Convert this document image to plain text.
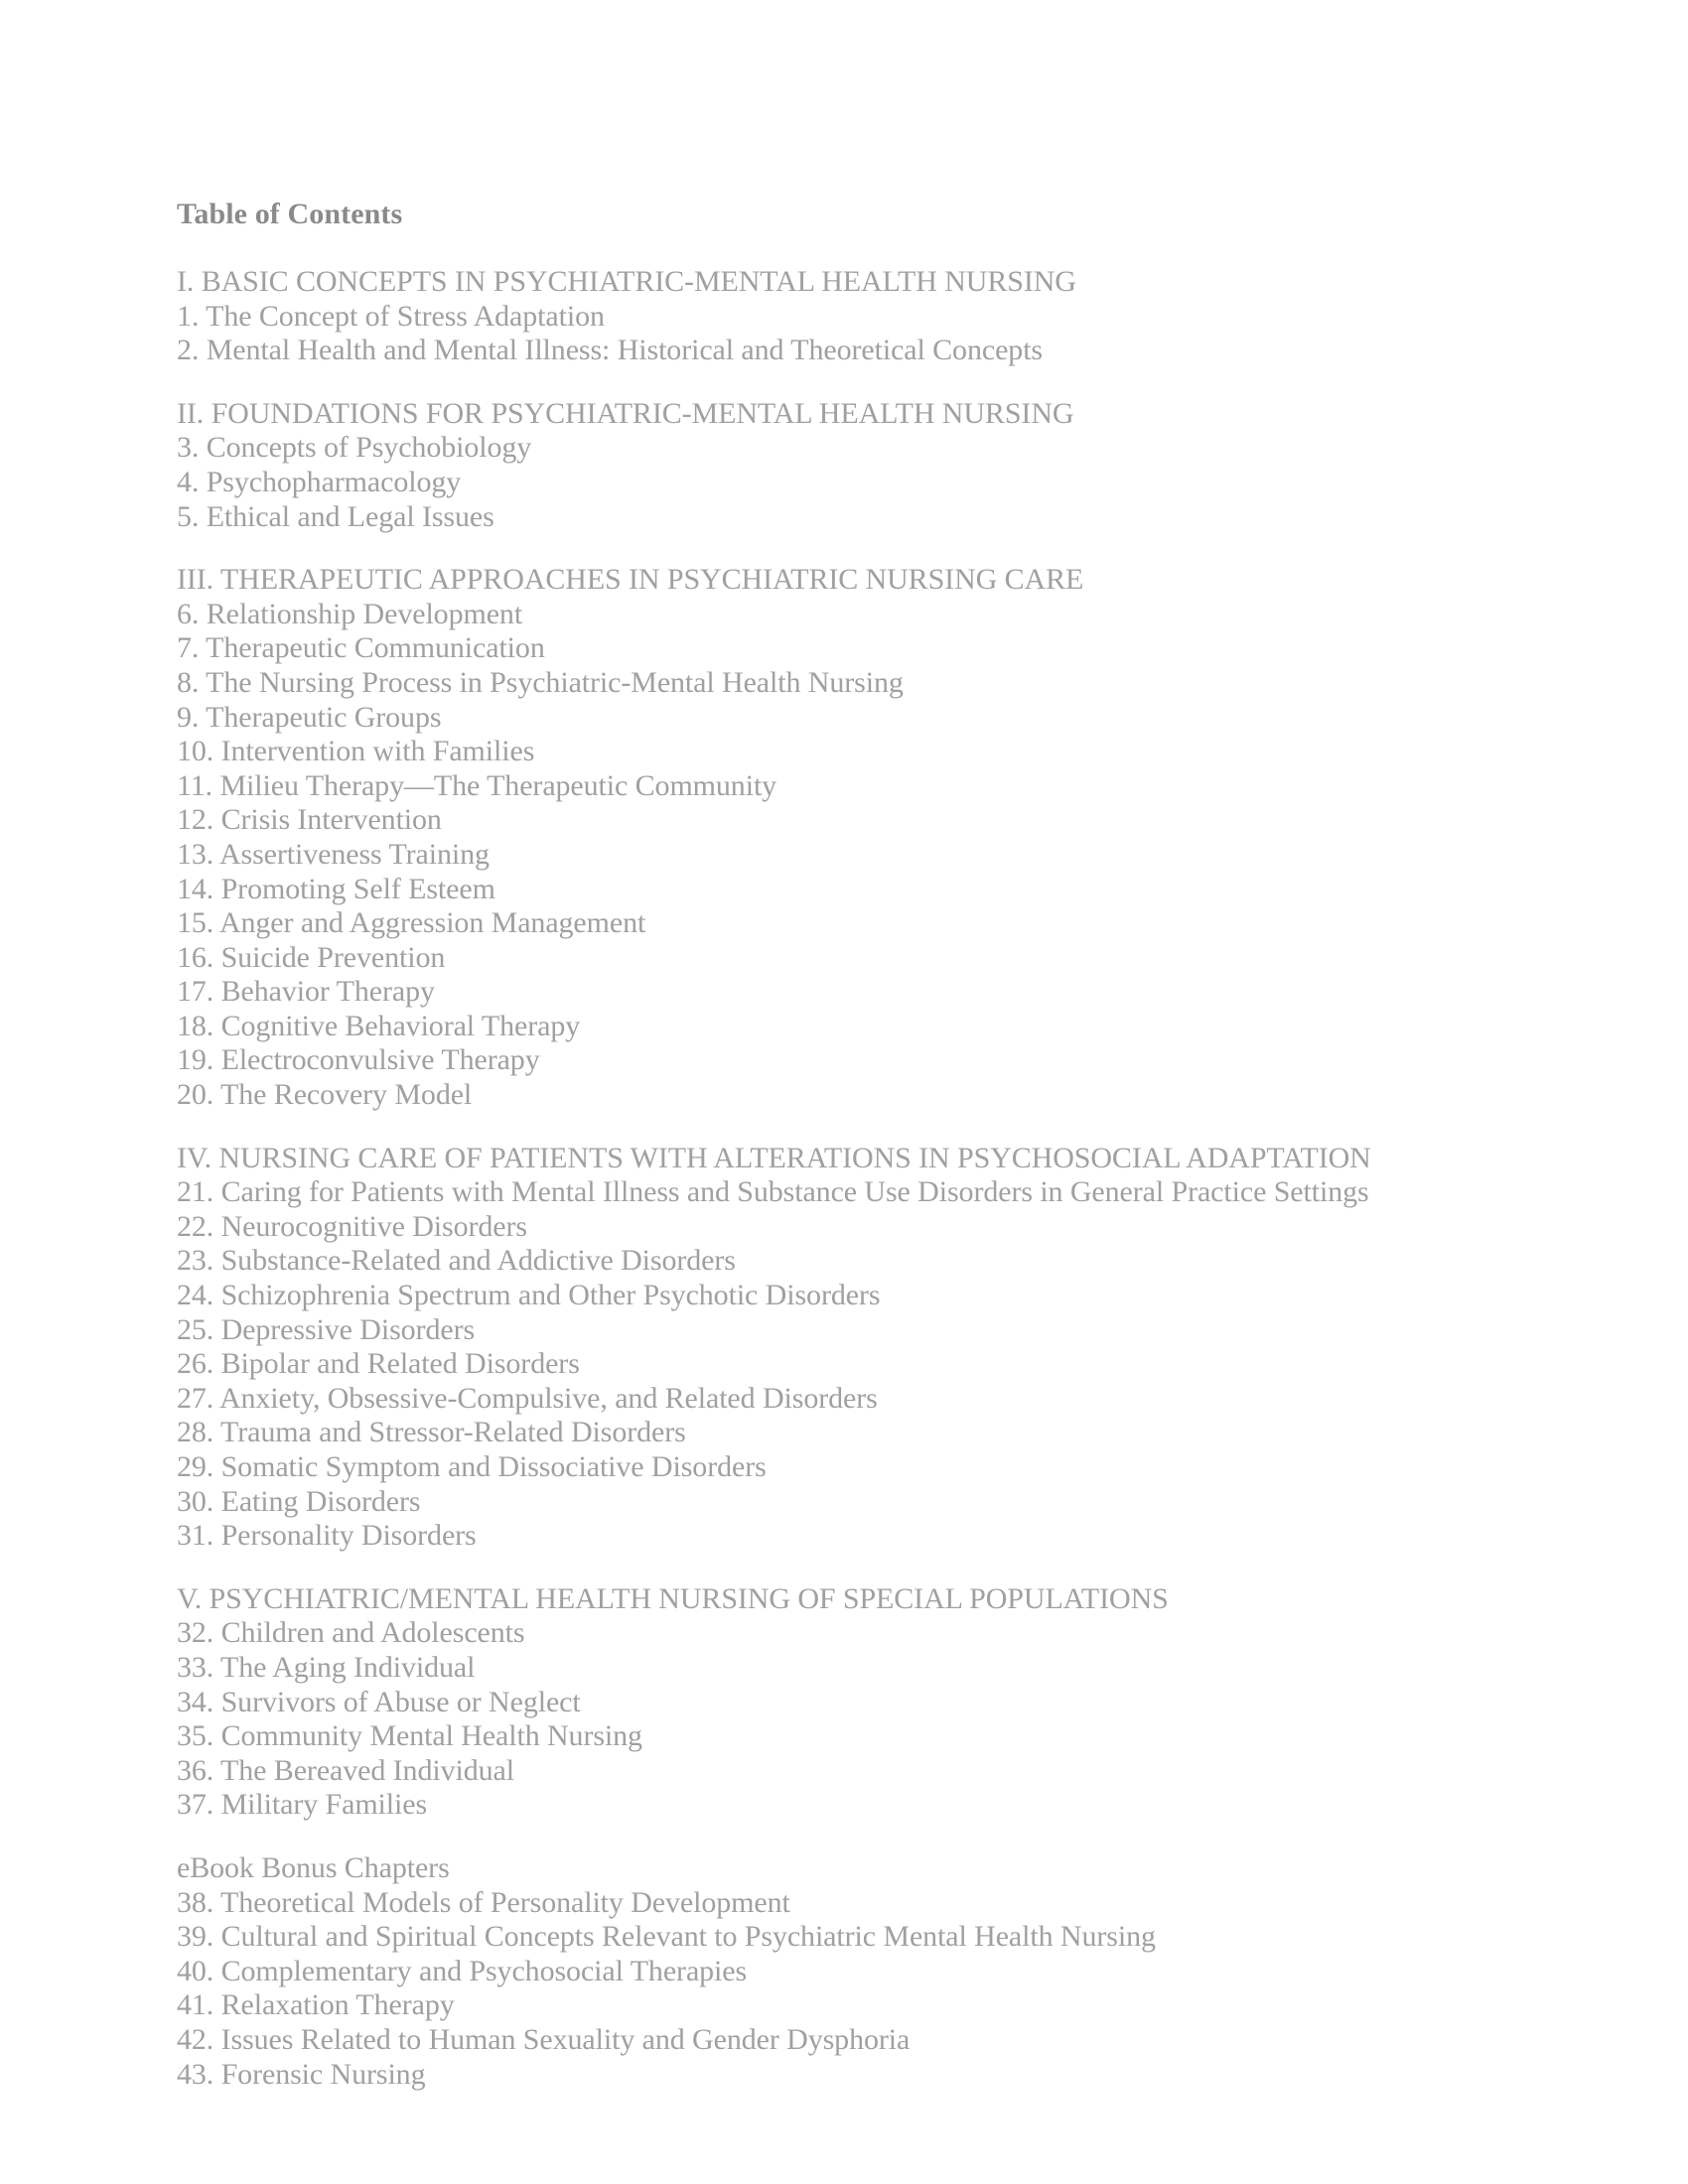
Table of Contents
I. BASIC CONCEPTS IN PSYCHIATRIC-MENTAL HEALTH NURSING
1. The Concept of Stress Adaptation
2. Mental Health and Mental Illness: Historical and Theoretical Concepts
II. FOUNDATIONS FOR PSYCHIATRIC-MENTAL HEALTH NURSING
3. Concepts of Psychobiology
4. Psychopharmacology
5. Ethical and Legal Issues
III. THERAPEUTIC APPROACHES IN PSYCHIATRIC NURSING CARE
6. Relationship Development
7. Therapeutic Communication
8. The Nursing Process in Psychiatric-Mental Health Nursing
9. Therapeutic Groups
10. Intervention with Families
11. Milieu Therapy—The Therapeutic Community
12. Crisis Intervention
13. Assertiveness Training
14. Promoting Self Esteem
15. Anger and Aggression Management
16. Suicide Prevention
17. Behavior Therapy
18. Cognitive Behavioral Therapy
19. Electroconvulsive Therapy
20. The Recovery Model
IV. NURSING CARE OF PATIENTS WITH ALTERATIONS IN PSYCHOSOCIAL ADAPTATION
21. Caring for Patients with Mental Illness and Substance Use Disorders in General Practice Settings
22. Neurocognitive Disorders
23. Substance-Related and Addictive Disorders
24. Schizophrenia Spectrum and Other Psychotic Disorders
25. Depressive Disorders
26. Bipolar and Related Disorders
27. Anxiety, Obsessive-Compulsive, and Related Disorders
28. Trauma and Stressor-Related Disorders
29. Somatic Symptom and Dissociative Disorders
30. Eating Disorders
31. Personality Disorders
V. PSYCHIATRIC/MENTAL HEALTH NURSING OF SPECIAL POPULATIONS
32. Children and Adolescents
33. The Aging Individual
34. Survivors of Abuse or Neglect
35. Community Mental Health Nursing
36. The Bereaved Individual
37. Military Families
eBook Bonus Chapters
38. Theoretical Models of Personality Development
39. Cultural and Spiritual Concepts Relevant to Psychiatric Mental Health Nursing
40. Complementary and Psychosocial Therapies
41. Relaxation Therapy
42. Issues Related to Human Sexuality and Gender Dysphoria
43. Forensic Nursing
